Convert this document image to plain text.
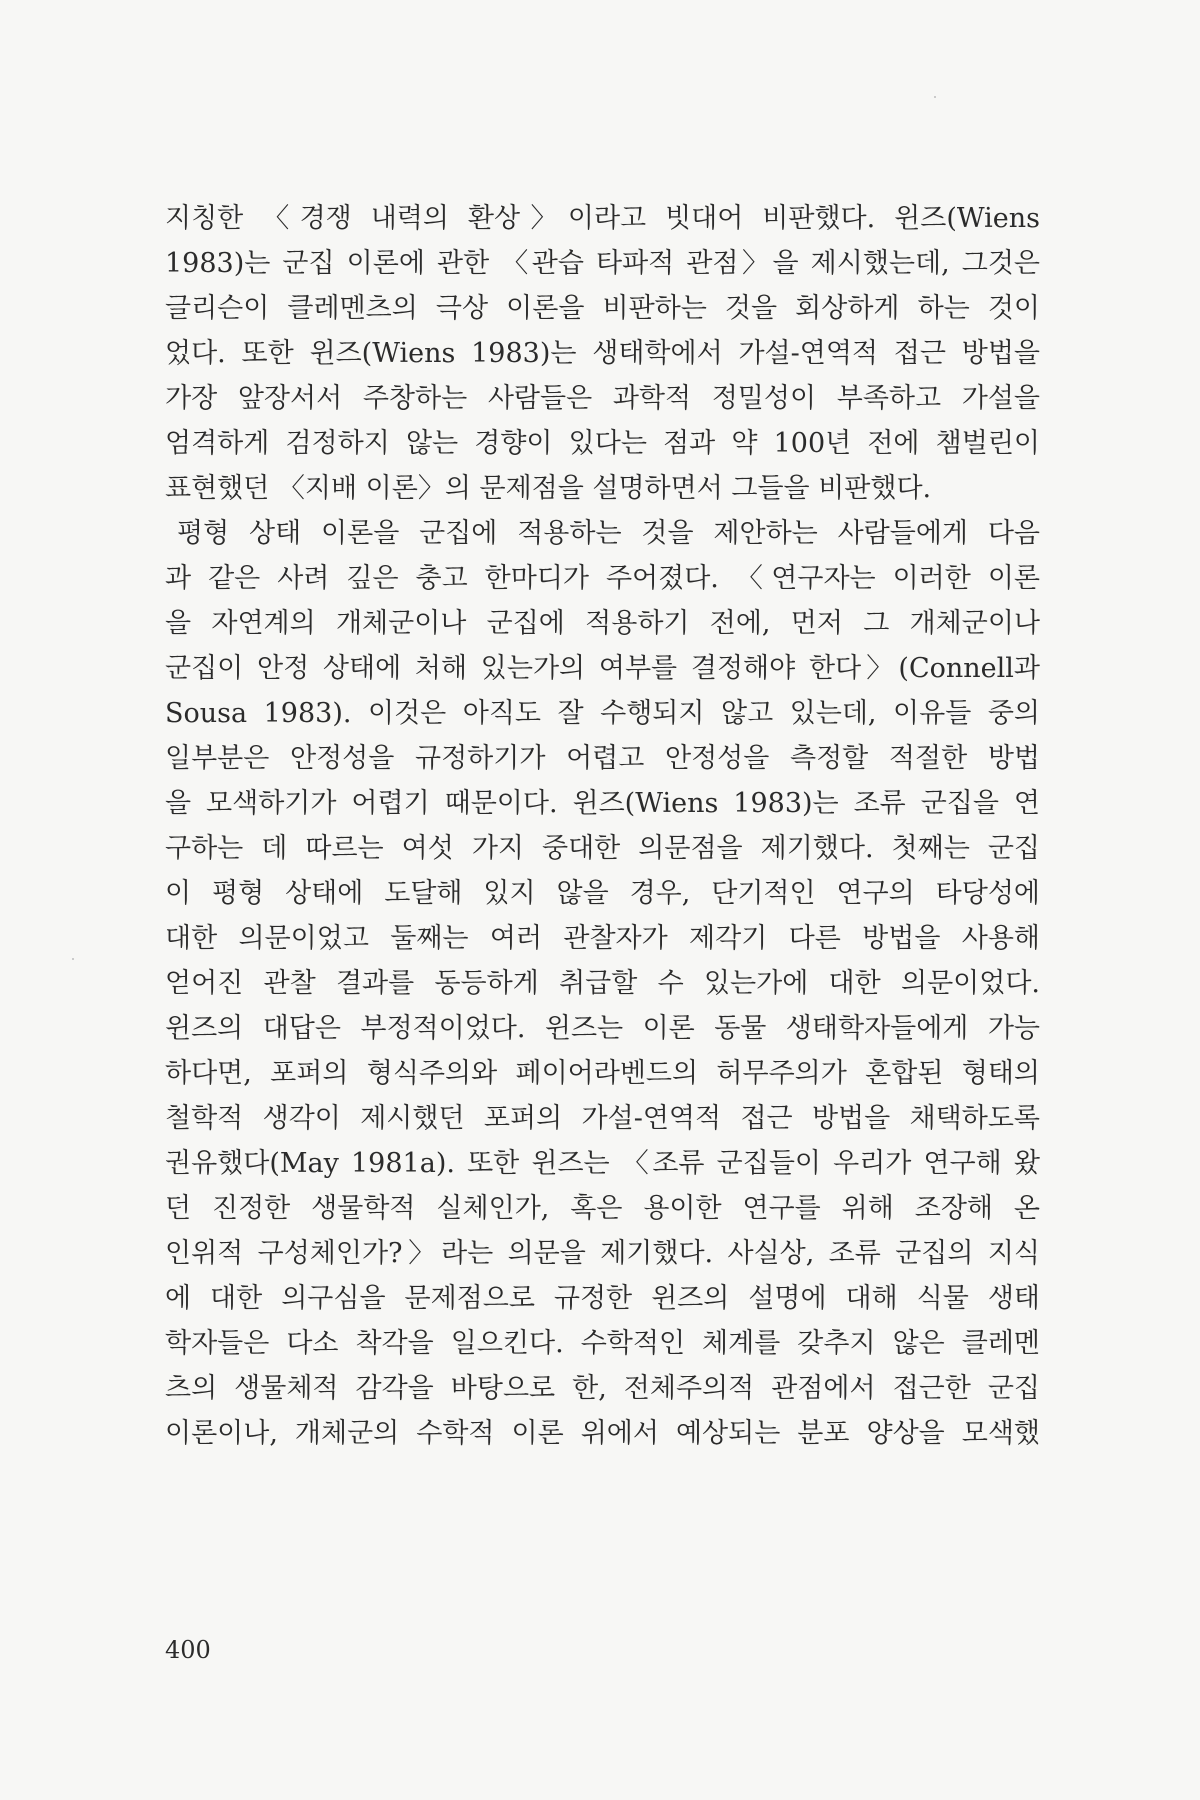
지칭한 〈경쟁 내력의 환상〉이라고 빗대어 비판했다. 윈즈(Wiens
1983)는 군집 이론에 관한 〈관습 타파적 관점〉을 제시했는데, 그것은
글리슨이 클레멘츠의 극상 이론을 비판하는 것을 회상하게 하는 것이
었다. 또한 윈즈(Wiens 1983)는 생태학에서 가설-연역적 접근 방법을
가장 앞장서서 주창하는 사람들은 과학적 정밀성이 부족하고 가설을
엄격하게 검정하지 않는 경향이 있다는 점과 약 100년 전에 챔벌린이
표현했던 〈지배 이론〉의 문제점을 설명하면서 그들을 비판했다.
평형 상태 이론을 군집에 적용하는 것을 제안하는 사람들에게 다음
과 같은 사려 깊은 충고 한마디가 주어졌다. 〈연구자는 이러한 이론
을 자연계의 개체군이나 군집에 적용하기 전에, 먼저 그 개체군이나
군집이 안정 상태에 처해 있는가의 여부를 결정해야 한다〉(Connell과
Sousa 1983). 이것은 아직도 잘 수행되지 않고 있는데, 이유들 중의
일부분은 안정성을 규정하기가 어렵고 안정성을 측정할 적절한 방법
을 모색하기가 어렵기 때문이다. 윈즈(Wiens 1983)는 조류 군집을 연
구하는 데 따르는 여섯 가지 중대한 의문점을 제기했다. 첫째는 군집
이 평형 상태에 도달해 있지 않을 경우, 단기적인 연구의 타당성에
대한 의문이었고 둘째는 여러 관찰자가 제각기 다른 방법을 사용해
얻어진 관찰 결과를 동등하게 취급할 수 있는가에 대한 의문이었다.
윈즈의 대답은 부정적이었다. 윈즈는 이론 동물 생태학자들에게 가능
하다면, 포퍼의 형식주의와 페이어라벤드의 허무주의가 혼합된 형태의
철학적 생각이 제시했던 포퍼의 가설-연역적 접근 방법을 채택하도록
권유했다(May 1981a). 또한 윈즈는 〈조류 군집들이 우리가 연구해 왔
던 진정한 생물학적 실체인가, 혹은 용이한 연구를 위해 조장해 온
인위적 구성체인가?〉라는 의문을 제기했다. 사실상, 조류 군집의 지식
에 대한 의구심을 문제점으로 규정한 윈즈의 설명에 대해 식물 생태
학자들은 다소 착각을 일으킨다. 수학적인 체계를 갖추지 않은 클레멘
츠의 생물체적 감각을 바탕으로 한, 전체주의적 관점에서 접근한 군집
이론이나, 개체군의 수학적 이론 위에서 예상되는 분포 양상을 모색했
400
